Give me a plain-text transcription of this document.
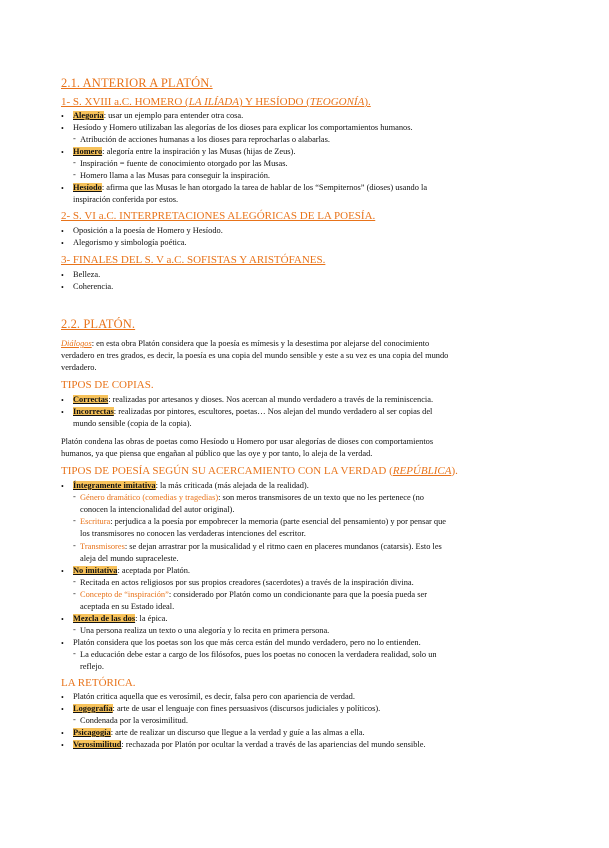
2.1. ANTERIOR A PLATÓN.
1- S. XVIII a.C. HOMERO (LA ILÍADA) Y HESÍODO (TEOGONÍA).
•	Alegoría: usar un ejemplo para entender otra cosa.
•	Hesíodo y Homero utilizaban las alegorías de los dioses para explicar los comportamientos humanos.
- Atribución de acciones humanas a los dioses para reprocharlas o alabarlas.
•	Homero: alegoría entre la inspiración y las Musas (hijas de Zeus).
- Inspiración = fuente de conocimiento otorgado por las Musas.
- Homero llama a las Musas para conseguir la inspiración.
•	Hesíodo: afirma que las Musas le han otorgado la tarea de hablar de los “Sempiternos” (dioses) usando la
inspiración conferida por estos.
2- S. VI a.C. INTERPRETACIONES ALEGÓRICAS DE LA POESÍA.
•	Oposición a la poesía de Homero y Hesíodo.
•	Alegorismo y simbología poética.
3- FINALES DEL S. V a.C. SOFISTAS Y ARISTÓFANES.
•	Belleza.
•	Coherencia.
2.2. PLATÓN.
Diálogos: en esta obra Platón considera que la poesía es mímesis y la desestima por alejarse del conocimiento
verdadero en tres grados, es decir, la poesía es una copia del mundo sensible y este a su vez es una copia del mundo
verdadero.
TIPOS DE COPIAS.
•	Correctas: realizadas por artesanos y dioses. Nos acercan al mundo verdadero a través de la reminiscencia.
•	Incorrectas: realizadas por pintores, escultores, poetas… Nos alejan del mundo verdadero al ser copias del
mundo sensible (copia de la copia).
Platón condena las obras de poetas como Hesíodo u Homero por usar alegorías de dioses con comportamientos
humanos, ya que piensa que engañan al público que las oye y por tanto, lo aleja de la verdad.
TIPOS DE POESÍA SEGÚN SU ACERCAMIENTO CON LA VERDAD (REPÚBLICA).
•	Íntegramente imitativa: la más criticada (más alejada de la realidad).
- Género dramático (comedias y tragedias): son meros transmisores de un texto que no les pertenece (no
conocen la intencionalidad del autor original).
- Escritura: perjudica a la poesía por empobrecer la memoria (parte esencial del pensamiento) y por pensar que
los transmisores no conocen las verdaderas intenciones del escritor.
- Transmisores: se dejan arrastrar por la musicalidad y el ritmo caen en placeres mundanos (catarsis). Esto les
aleja del mundo supraceleste.
•	No imitativa: aceptada por Platón.
- Recitada en actos religiosos por sus propios creadores (sacerdotes) a través de la inspiración divina.
- Concepto de “inspiración”: considerado por Platón como un condicionante para que la poesía pueda ser
aceptada en su Estado ideal.
•	Mezcla de las dos: la épica.
- Una persona realiza un texto o una alegoría y lo recita en primera persona.
•	Platón considera que los poetas son los que más cerca están del mundo verdadero, pero no lo entienden.
- La educación debe estar a cargo de los filósofos, pues los poetas no conocen la verdadera realidad, solo un
reflejo.
LA RETÓRICA.
•	Platón critica aquella que es verosímil, es decir, falsa pero con apariencia de verdad.
•	Logografía: arte de usar el lenguaje con fines persuasivos (discursos judiciales y políticos).
- Condenada por la verosimilitud.
•	Psicagogía: arte de realizar un discurso que llegue a la verdad y guíe a las almas a ella.
•	Verosimilitud: rechazada por Platón por ocultar la verdad a través de las apariencias del mundo sensible.
